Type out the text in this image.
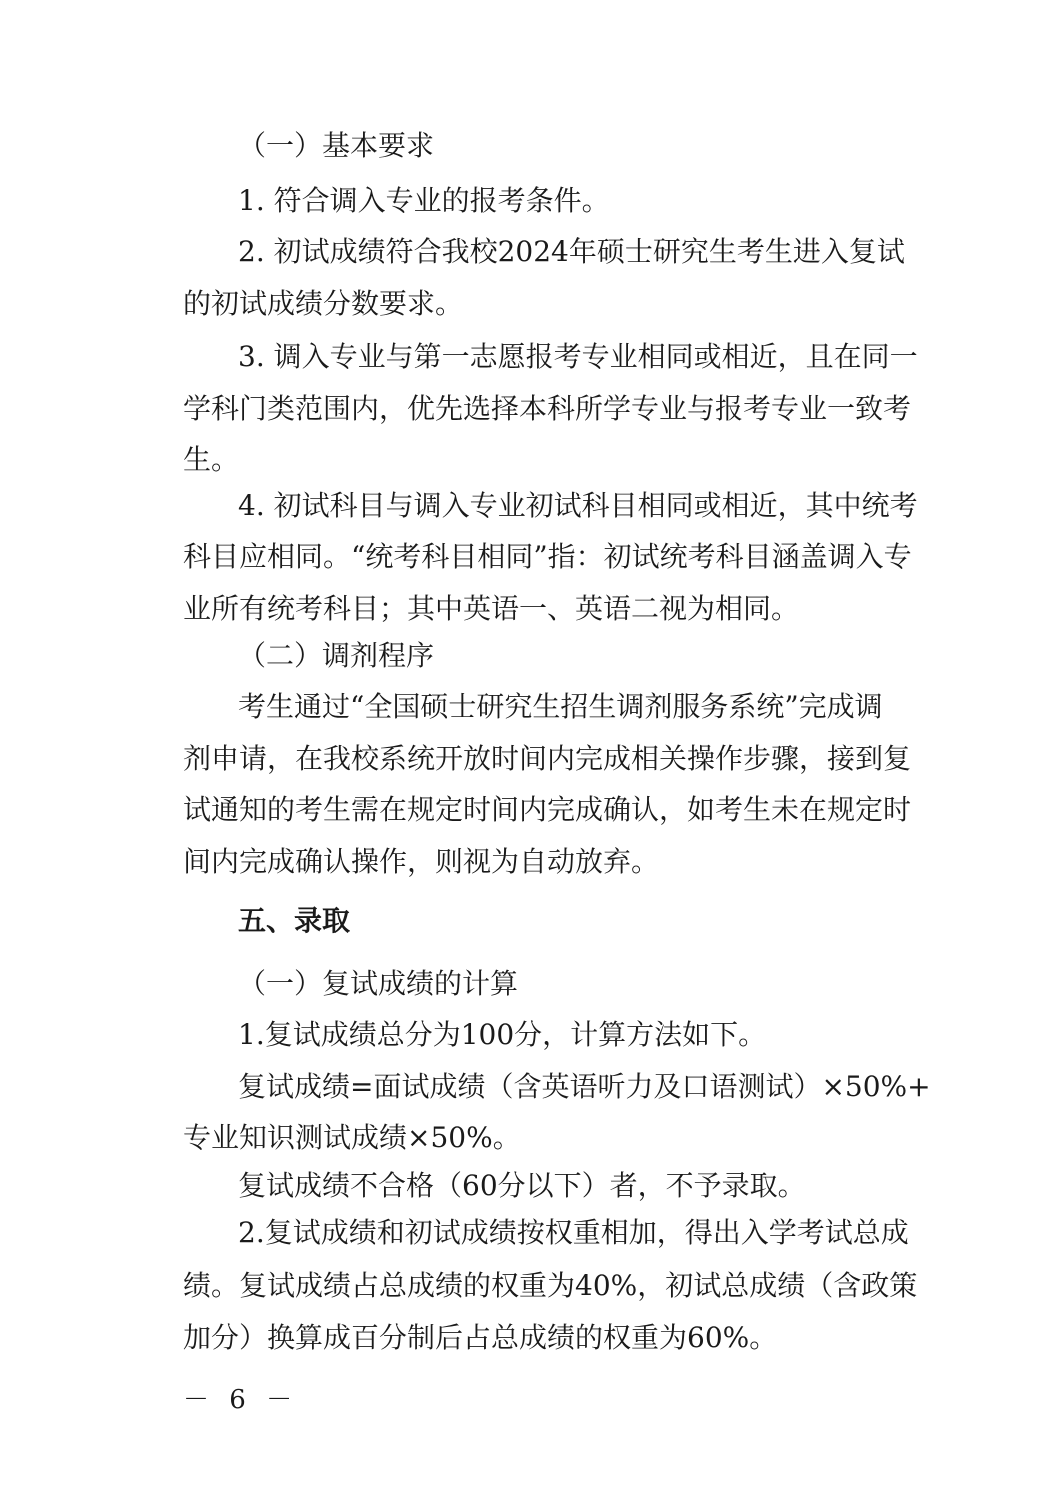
（一）基本要求
1. 符合调入专业的报考条件。
2. 初试成绩符合我校2024年硕士研究生考生进入复试
的初试成绩分数要求。
3. 调入专业与第一志愿报考专业相同或相近，且在同一
学科门类范围内，优先选择本科所学专业与报考专业一致考
生。
4. 初试科目与调入专业初试科目相同或相近，其中统考
科目应相同。“统考科目相同”指：初试统考科目涵盖调入专
业所有统考科目；其中英语一、英语二视为相同。
（二）调剂程序
考生通过“全国硕士研究生招生调剂服务系统”完成调
剂申请，在我校系统开放时间内完成相关操作步骤，接到复
试通知的考生需在规定时间内完成确认，如考生未在规定时
间内完成确认操作，则视为自动放弃。
五、录取
（一）复试成绩的计算
1.复试成绩总分为100分，计算方法如下。
复试成绩=面试成绩（含英语听力及口语测试）×50%+
专业知识测试成绩×50%。
复试成绩不合格（60分以下）者，不予录取。
2.复试成绩和初试成绩按权重相加，得出入学考试总成
绩。复试成绩占总成绩的权重为40%，初试总成绩（含政策
加分）换算成百分制后占总成绩的权重为60%。
－ 6 －
